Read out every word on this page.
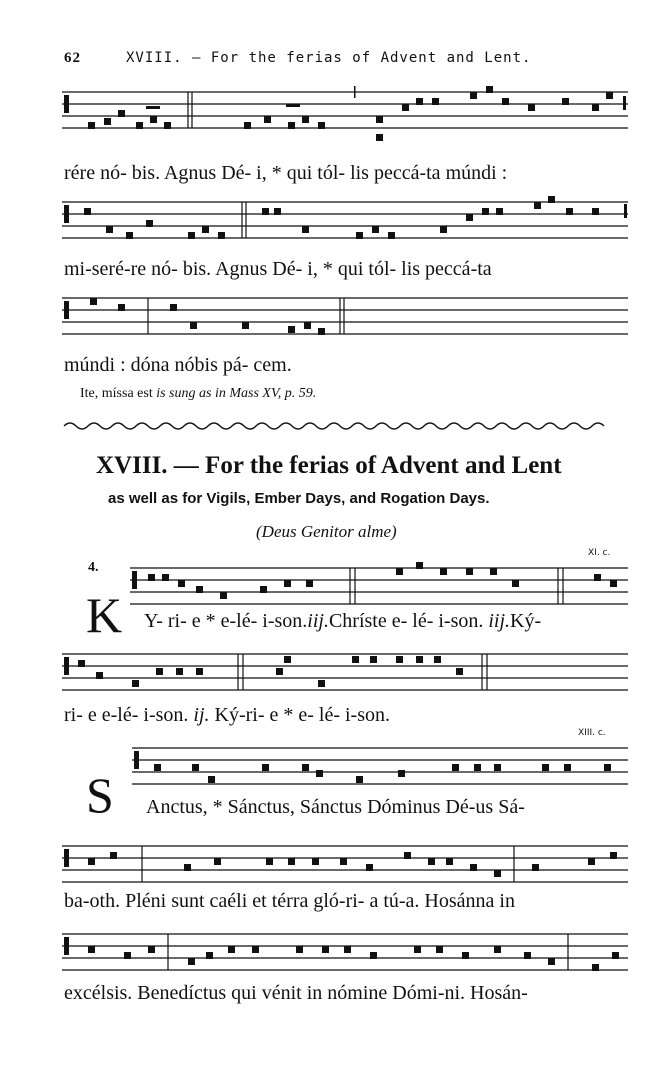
62	XVIII. — For the ferias of Advent and Lent.
rére nó- bis. Agnus Dé- i, * qui tól- lis peccá-ta múndi :
mi-seré-re nó- bis. Agnus Dé- i, * qui tól- lis peccá-ta
múndi : dóna nóbis pá- cem.
Ite, míssa est is sung as in Mass XV, p. 59.
XVIII. — For the ferias of Advent and Lent
as well as for Vigils, Ember Days, and Rogation Days.
(Deus Genitor alme)
XI. c.
4.
K Y- ri- e * e-lé- i-son.iij.Chríste e- lé- i-son. iij.Ký-
ri- e e-lé- i-son. ij. Ký-ri- e * e- lé- i-son.
XIII. c.
S Anctus, * Sánctus, Sánctus Dóminus Dé-us Sá-
ba-oth. Pléni sunt caéli et térra gló-ri- a tú-a. Hosánna in
excélsis. Benedíctus qui vénit in nómine Dómi-ni. Hosán-
